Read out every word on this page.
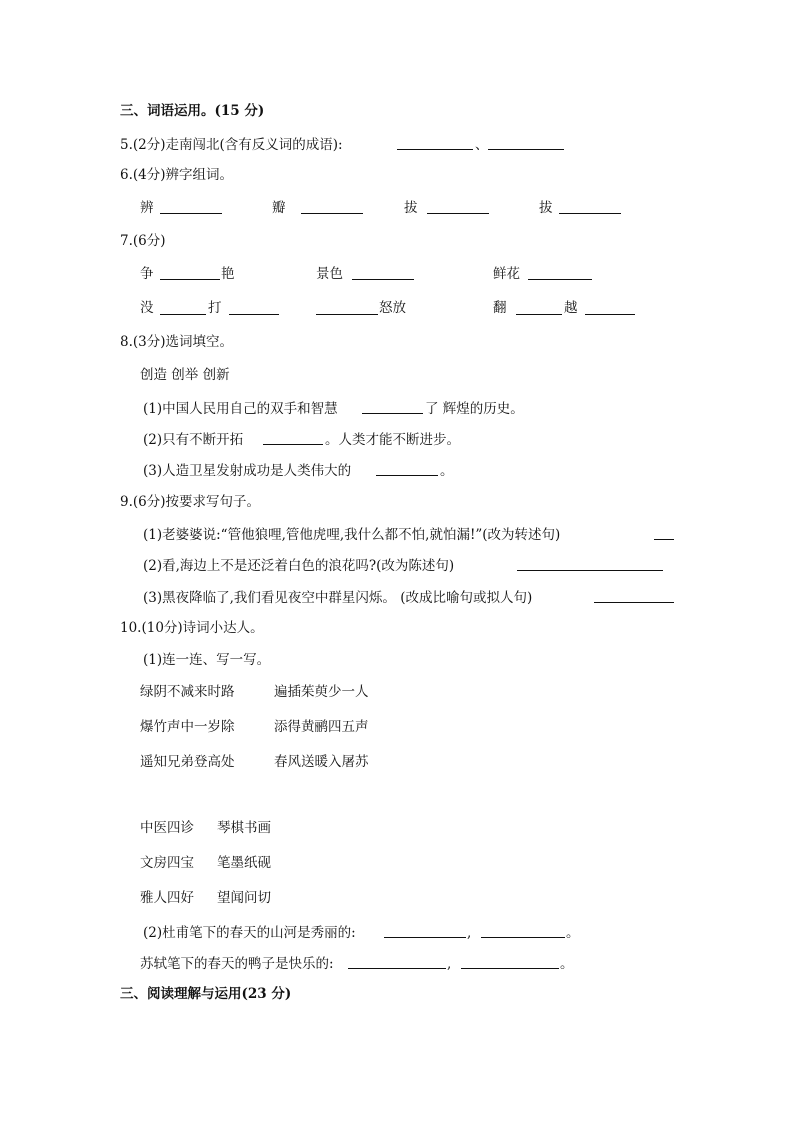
三、词语运用。(15 分)
5.(2分)走南闯北(含有反义词的成语):	、
6.(4分)辨字组词。
辨	瓣	拔	拔
7.(6分)
争	艳	景色	鲜花
没	打	怒放	翻	越
8.(3分)选词填空。
创造 创举 创新
(1)中国人民用自己的双手和智慧	了 辉煌的历史。
(2)只有不断开拓	。人类才能不断进步。
(3)人造卫星发射成功是人类伟大的	。
9.(6分)按要求写句子。
(1)老婆婆说:“管他狼哩,管他虎哩,我什么都不怕,就怕漏!”(改为转述句)
(2)看,海边上不是还泛着白色的浪花吗?(改为陈述句)
(3)黑夜降临了,我们看见夜空中群星闪烁。 (改成比喻句或拟人句)
10.(10分)诗词小达人。
(1)连一连、写一写。
绿阴不减来时路	遍插茱萸少一人
爆竹声中一岁除	添得黄鹂四五声
遥知兄弟登高处	春风送暖入屠苏
中医四诊 琴棋书画
文房四宝 笔墨纸砚
雅人四好 望闻问切
(2)杜甫笔下的春天的山河是秀丽的:	,	。
苏轼笔下的春天的鸭子是快乐的:	,	。
三、阅读理解与运用(23 分)
